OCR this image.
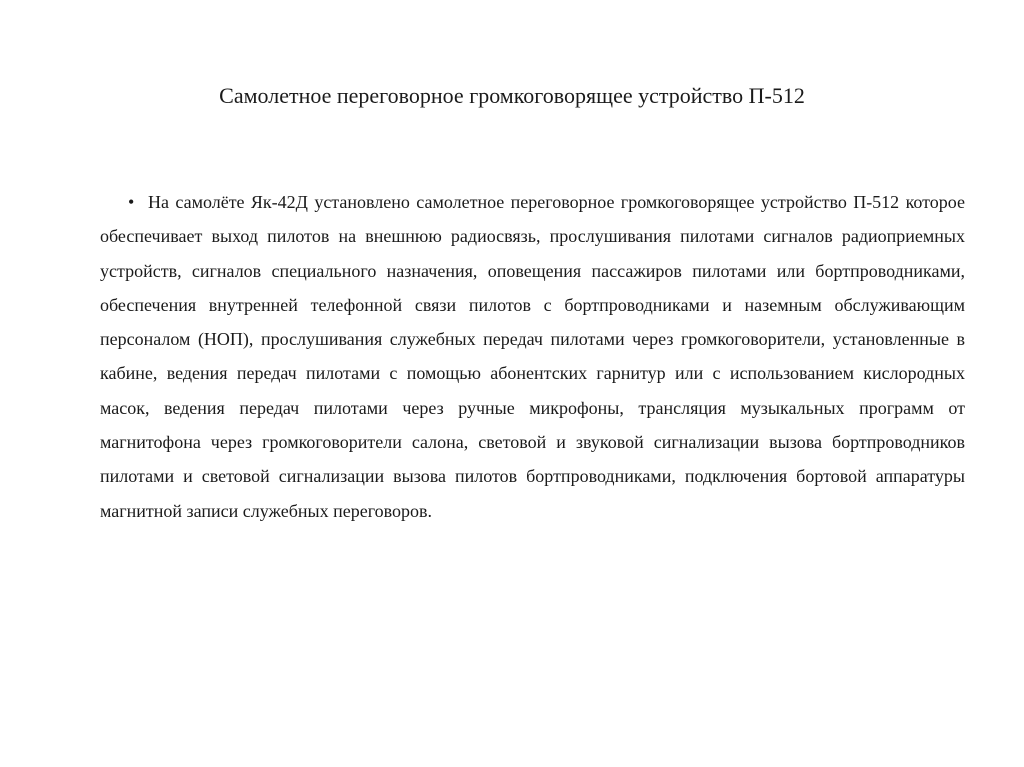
Самолетное переговорное громкоговорящее устройство П-512

• На самолёте Як-42Д установлено самолетное переговорное громкоговорящее устройство П-512 которое обеспечивает выход пилотов на внешнюю радиосвязь, прослушивания пилотами сигналов радиоприемных устройств, сигналов специального назначения, оповещения пассажиров пилотами или бортпроводниками, обеспечения внутренней телефонной связи пилотов с бортпроводниками и наземным обслуживающим персоналом (НОП), прослушивания служебных передач пилотами через громкоговорители, установленные в кабине, ведения передач пилотами с помощью абонентских гарнитур или с использованием кислородных масок, ведения передач пилотами через ручные микрофоны, трансляция музыкальных программ от магнитофона через громкоговорители салона, световой и звуковой сигнализации вызова бортпроводников пилотами и световой сигнализации вызова пилотов бортпроводниками, подключения бортовой аппаратуры магнитной записи служебных переговоров.
